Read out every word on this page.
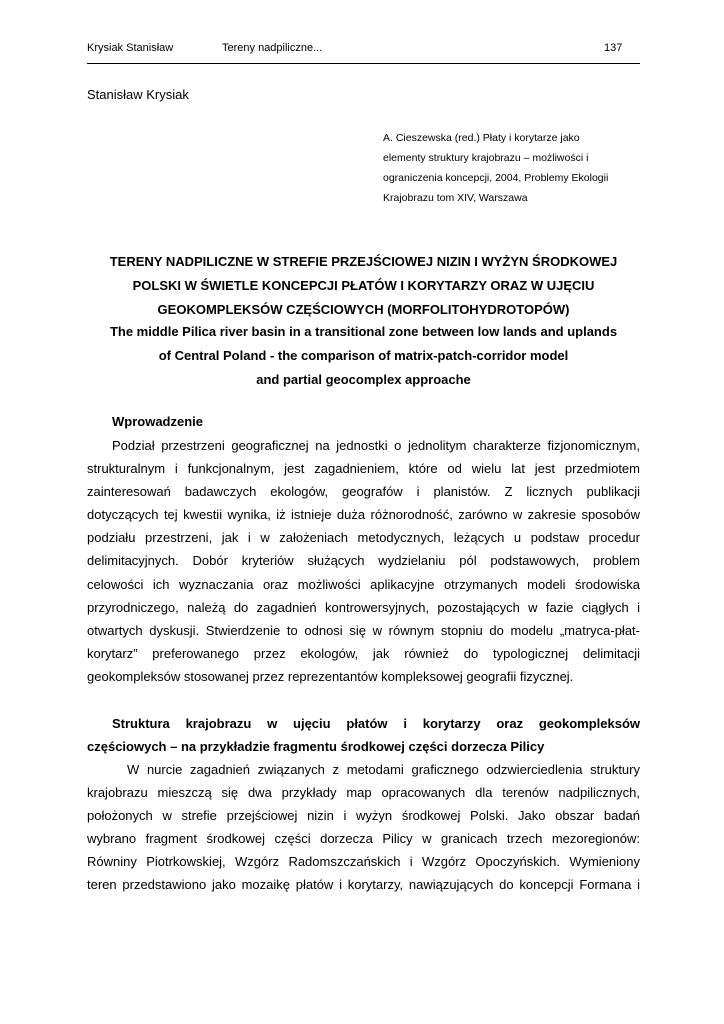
Krysiak Stanisław	Tereny nadpiliczne...	137
Stanisław Krysiak
A. Cieszewska (red.) Płaty i korytarze jako
elementy struktury krajobrazu – możliwości i
ograniczenia koncepcji, 2004, Problemy Ekologii
Krajobrazu tom XIV, Warszawa
TERENY NADPILICZNE W STREFIE PRZEJŚCIOWEJ NIZIN I WYŻYN ŚRODKOWEJ
POLSKI W ŚWIETLE KONCEPCJI PŁATÓW I KORYTARZY ORAZ W UJĘCIU
GEOKOMPLEKSÓW CZĘŚCIOWYCH (MORFOLITOHYDROTOPÓW)
The middle Pilica river basin in a transitional zone between low lands and uplands
of Central Poland - the comparison of matrix-patch-corridor model
and partial geocomplex approache
Wprowadzenie
Podział przestrzeni geograficznej na jednostki o jednolitym charakterze fizjonomicznym,
strukturalnym i funkcjonalnym, jest zagadnieniem, które od wielu lat jest przedmiotem
zainteresowań badawczych ekologów, geografów i planistów. Z licznych publikacji
dotyczących tej kwestii wynika, iż istnieje duża różnorodność, zarówno w zakresie sposobów
podziału przestrzeni, jak i w założeniach metodycznych, leżących u podstaw procedur
delimitacyjnych. Dobór kryteriów służących wydzielaniu pól podstawowych, problem
celowości ich wyznaczania oraz możliwości aplikacyjne otrzymanych modeli środowiska
przyrodniczego, należą do zagadnień kontrowersyjnych, pozostających w fazie ciągłych i
otwartych dyskusji. Stwierdzenie to odnosi się w równym stopniu do modelu „matryca-płat-
korytarz” preferowanego przez ekologów, jak również do typologicznej delimitacji
geokompleksów stosowanej przez reprezentantów kompleksowej geografii fizycznej.
Struktura krajobrazu w ujęciu płatów i korytarzy oraz geokompleksów
częściowych – na przykładzie fragmentu środkowej części dorzecza Pilicy
W nurcie zagadnień związanych z metodami graficznego odzwierciedlenia struktury
krajobrazu mieszczą się dwa przykłady map opracowanych dla terenów nadpilicznych,
położonych w strefie przejściowej nizin i wyżyn środkowej Polski. Jako obszar badań
wybrano fragment środkowej części dorzecza Pilicy w granicach trzech mezoregionów:
Równiny Piotrkowskiej, Wzgórz Radomszczańskich i Wzgórz Opoczyńskich. Wymieniony
teren przedstawiono jako mozaikę płatów i korytarzy, nawiązujących do koncepcji Formana i
